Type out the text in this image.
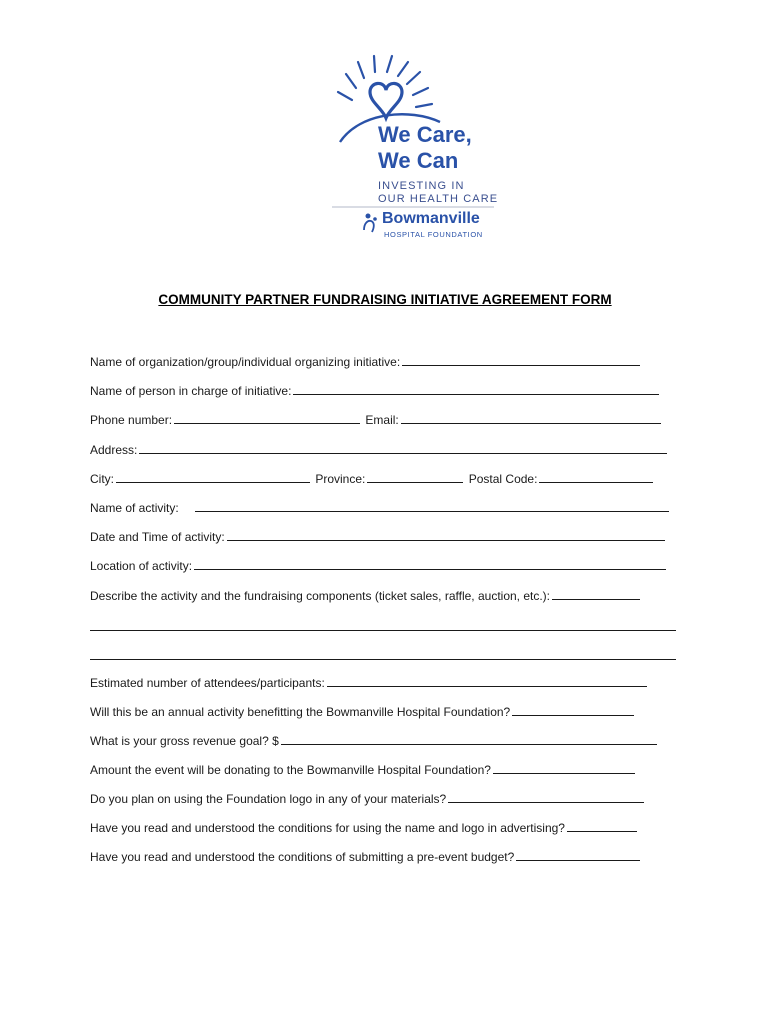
We Care,
We Can
INVESTING IN
OUR HEALTH CARE
Bowmanville
HOSPITAL FOUNDATION
COMMUNITY PARTNER FUNDRAISING INITIATIVE AGREEMENT FORM
Name of organization/group/individual organizing initiative:
Name of person in charge of initiative:
Phone number:	Email:
Address:
City:	Province:	Postal Code:
Name of activity:
Date and Time of activity:
Location of activity:
Describe the activity and the fundraising components (ticket sales, raffle, auction, etc.):
Estimated number of attendees/participants:
Will this be an annual activity benefitting the Bowmanville Hospital Foundation?
What is your gross revenue goal? $
Amount the event will be donating to the Bowmanville Hospital Foundation?
Do you plan on using the Foundation logo in any of your materials?
Have you read and understood the conditions for using the name and logo in advertising?
Have you read and understood the conditions of submitting a pre-event budget?
